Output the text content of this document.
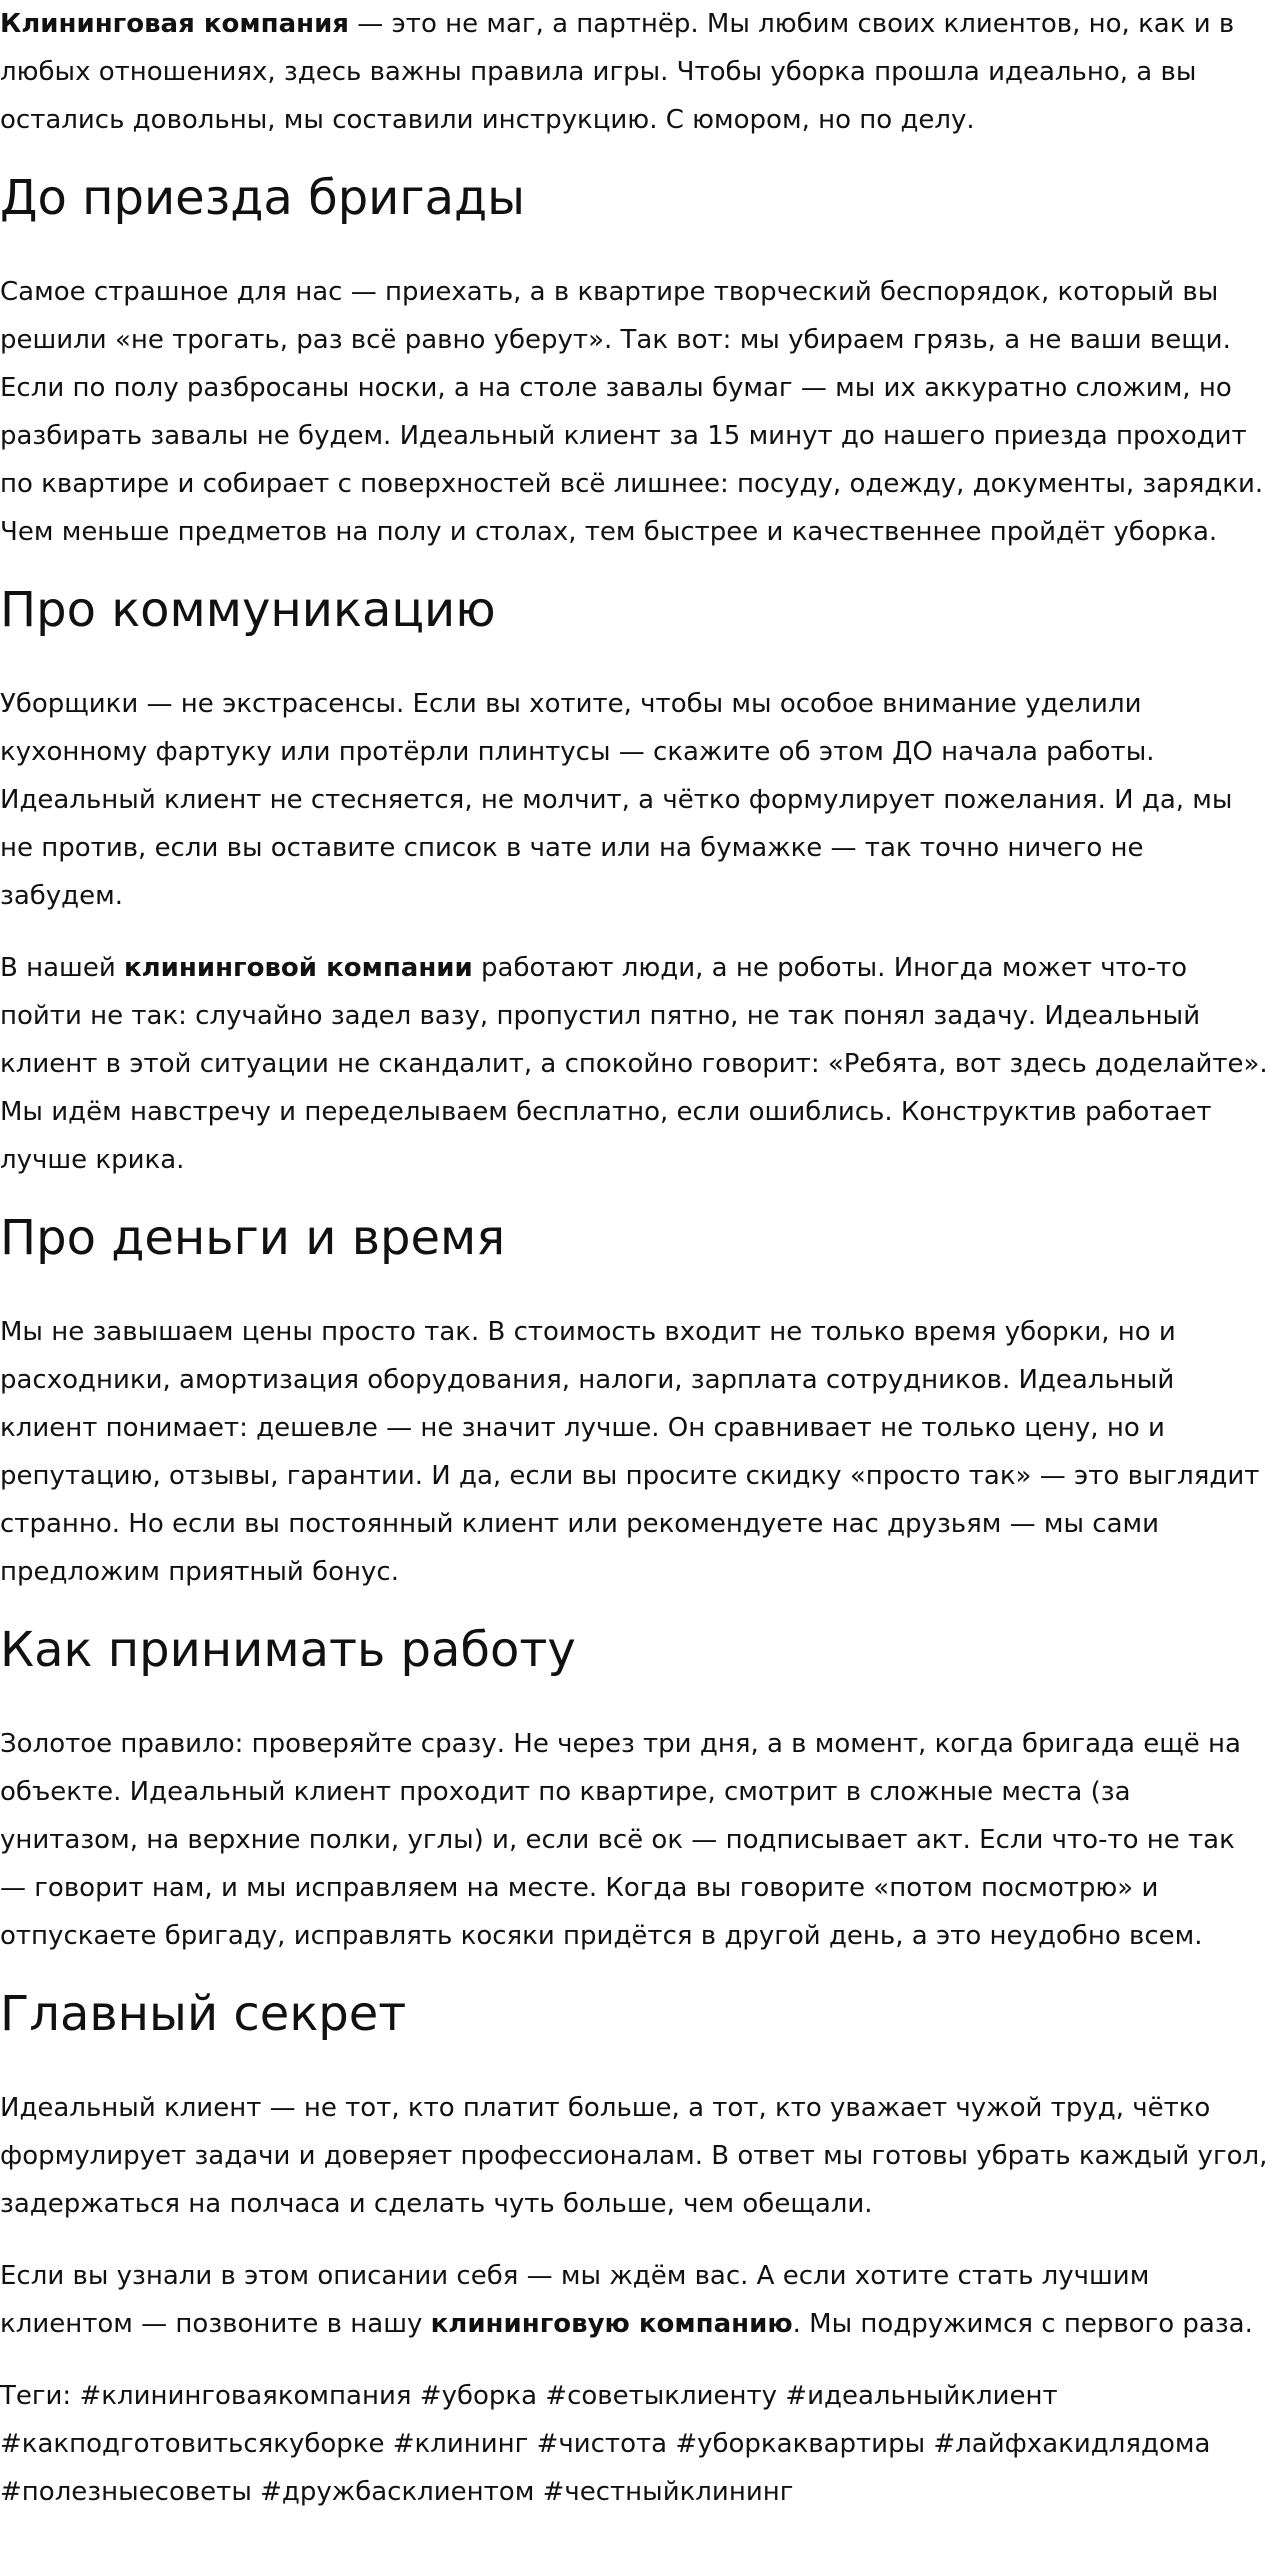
Клининговая компания — это не маг, а партнёр. Мы любим своих клиентов, но, как и в любых отношениях, здесь важны правила игры. Чтобы уборка прошла идеально, а вы остались довольны, мы составили инструкцию. С юмором, но по делу.

До приезда бригады

Самое страшное для нас — приехать, а в квартире творческий беспорядок, который вы решили «не трогать, раз всё равно уберут». Так вот: мы убираем грязь, а не ваши вещи. Если по полу разбросаны носки, а на столе завалы бумаг — мы их аккуратно сложим, но разбирать завалы не будем. Идеальный клиент за 15 минут до нашего приезда проходит по квартире и собирает с поверхностей всё лишнее: посуду, одежду, документы, зарядки. Чем меньше предметов на полу и столах, тем быстрее и качественнее пройдёт уборка.

Про коммуникацию

Уборщики — не экстрасенсы. Если вы хотите, чтобы мы особое внимание уделили кухонному фартуку или протёрли плинтусы — скажите об этом ДО начала работы. Идеальный клиент не стесняется, не молчит, а чётко формулирует пожелания. И да, мы не против, если вы оставите список в чате или на бумажке — так точно ничего не забудем.

В нашей клининговой компании работают люди, а не роботы. Иногда может что-то пойти не так: случайно задел вазу, пропустил пятно, не так понял задачу. Идеальный клиент в этой ситуации не скандалит, а спокойно говорит: «Ребята, вот здесь доделайте». Мы идём навстречу и переделываем бесплатно, если ошиблись. Конструктив работает лучше крика.

Про деньги и время

Мы не завышаем цены просто так. В стоимость входит не только время уборки, но и расходники, амортизация оборудования, налоги, зарплата сотрудников. Идеальный клиент понимает: дешевле — не значит лучше. Он сравнивает не только цену, но и репутацию, отзывы, гарантии. И да, если вы просите скидку «просто так» — это выглядит странно. Но если вы постоянный клиент или рекомендуете нас друзьям — мы сами предложим приятный бонус.

Как принимать работу

Золотое правило: проверяйте сразу. Не через три дня, а в момент, когда бригада ещё на объекте. Идеальный клиент проходит по квартире, смотрит в сложные места (за унитазом, на верхние полки, углы) и, если всё ок — подписывает акт. Если что-то не так — говорит нам, и мы исправляем на месте. Когда вы говорите «потом посмотрю» и отпускаете бригаду, исправлять косяки придётся в другой день, а это неудобно всем.

Главный секрет

Идеальный клиент — не тот, кто платит больше, а тот, кто уважает чужой труд, чётко формулирует задачи и доверяет профессионалам. В ответ мы готовы убрать каждый угол, задержаться на полчаса и сделать чуть больше, чем обещали.

Если вы узнали в этом описании себя — мы ждём вас. А если хотите стать лучшим клиентом — позвоните в нашу клининговую компанию. Мы подружимся с первого раза.

Теги: #клининговаякомпания #уборка #советыклиенту #идеальныйклиент #какподготовитьсякуборке #клининг #чистота #уборкаквартиры #лайфхакидлядома #полезныесоветы #дружбасклиентом #честныйклининг
